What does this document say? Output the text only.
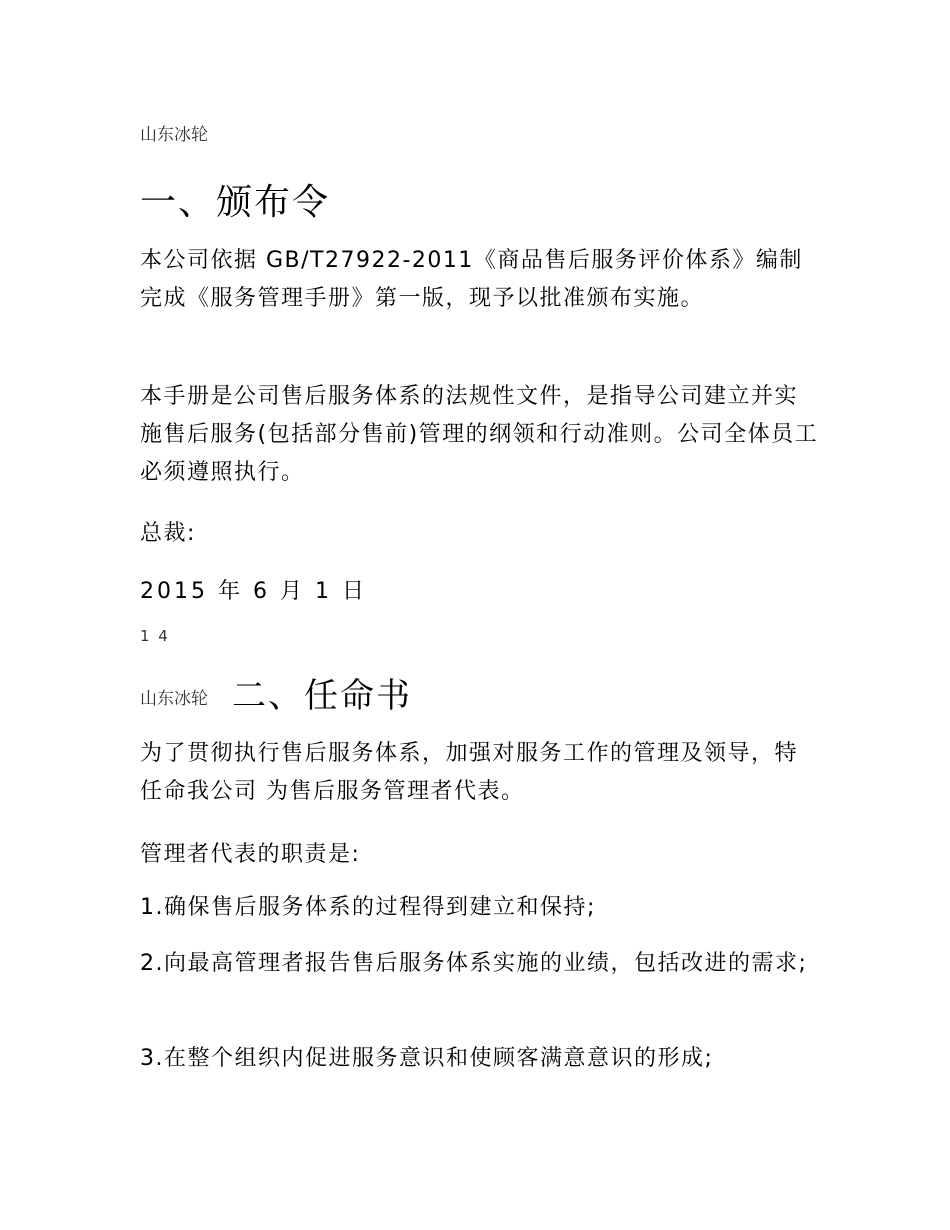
山东冰轮
一、颁布令
本公司依据 GB/T27922-2011《商品售后服务评价体系》编制完成《服务管理手册》第一版，现予以批准颁布实施。
本手册是公司售后服务体系的法规性文件，是指导公司建立并实施售后服务(包括部分售前)管理的纲领和行动准则。公司全体员工必须遵照执行。
总裁:
2015 年 6 月 1 日
1 4
山东冰轮 二、任命书
为了贯彻执行售后服务体系，加强对服务工作的管理及领导，特任命我公司 为售后服务管理者代表。
管理者代表的职责是:
1.确保售后服务体系的过程得到建立和保持;
2.向最高管理者报告售后服务体系实施的业绩，包括改进的需求;
3.在整个组织内促进服务意识和使顾客满意意识的形成;
